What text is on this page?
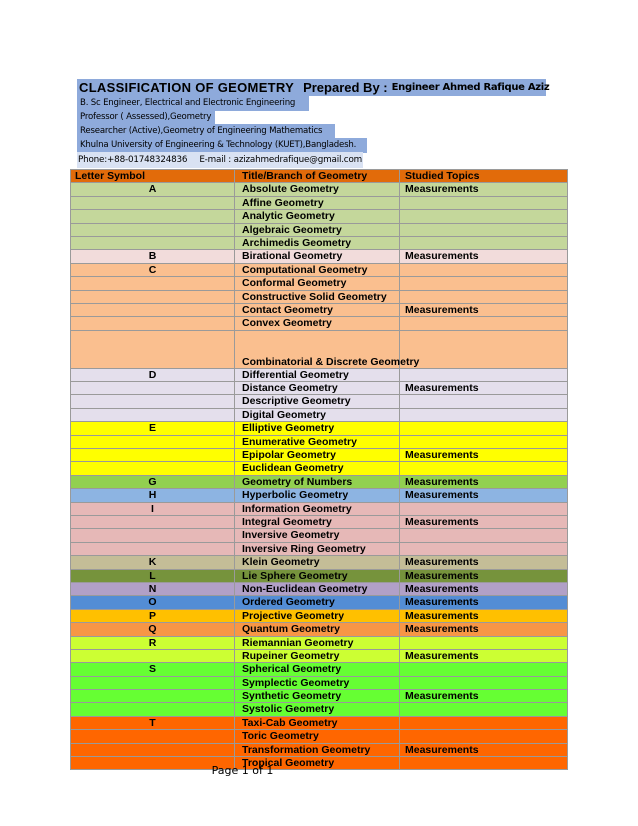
CLASSIFICATION OF GEOMETRY Prepared By : Engineer Ahmed Rafique Aziz
B. Sc Engineer, Electrical and Electronic Engineering
Professor ( Assessed),Geometry
Researcher (Active),Geometry of Engineering Mathematics
Khulna University of Engineering & Technology (KUET),Bangladesh.
Phone:+88-01748324836 E-mail : azizahmedrafique@gmail.com
Letter Symbol	Title/Branch of Geometry	Studied Topics
A	Absolute Geometry	Measurements
	Affine Geometry	
	Analytic Geometry	
	Algebraic Geometry	
	Archimedis Geometry	
B	Birational Geometry	Measurements
C	Computational Geometry	
	Conformal Geometry	
	Constructive Solid Geometry	
	Contact Geometry	Measurements
	Convex Geometry	
	Combinatorial & Discrete Geometry	
D	Differential Geometry	
	Distance Geometry	Measurements
	Descriptive Geometry	
	Digital Geometry	
E	Elliptive Geometry	
	Enumerative Geometry	
	Epipolar Geometry	Measurements
	Euclidean Geometry	
G	Geometry of Numbers	Measurements
H	Hyperbolic Geometry	Measurements
I	Information Geometry	
	Integral Geometry	Measurements
	Inversive Geometry	
	Inversive Ring Geometry	
K	Klein Geometry	Measurements
L	Lie Sphere Geometry	Measurements
N	Non-Euclidean Geometry	Measurements
O	Ordered Geometry	Measurements
P	Projective Geometry	Measurements
Q	Quantum Geometry	Measurements
R	Riemannian Geometry	
	Rupeiner Geometry	Measurements
S	Spherical Geometry	
	Symplectic Geometry	
	Synthetic Geometry	Measurements
	Systolic Geometry	
T	Taxi-Cab Geometry	
	Toric Geometry	
	Transformation Geometry	Measurements
	Tropical Geometry	
Page 1 of 1
